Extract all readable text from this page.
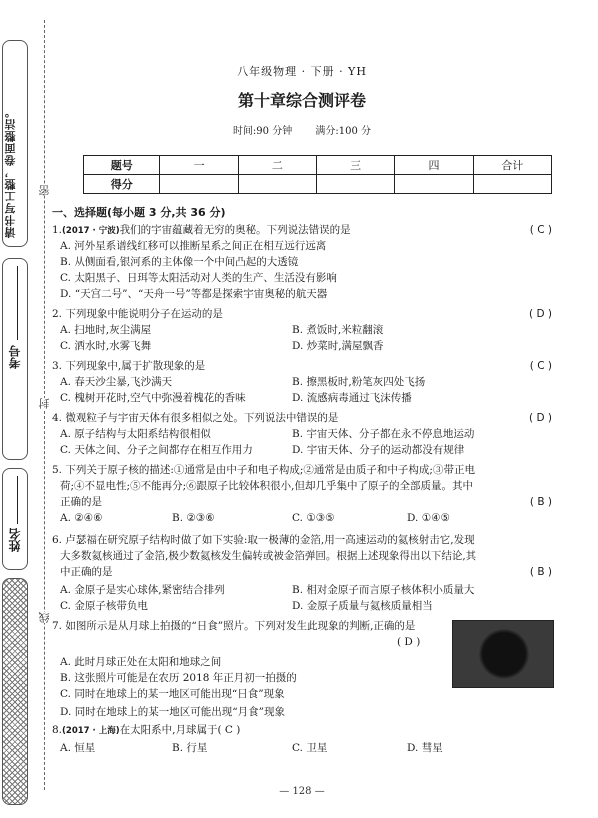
请书写工整，卷面整洁。
考号
姓名
密
封
线
八年级物理 · 下册 · YH
第十章综合测评卷
时间:90 分钟 满分:100 分
题号	一	二	三	四	合计
得分					
一、选择题(每小题 3 分,共 36 分)
1.(2017 · 宁波)我们的宇宙蕴藏着无穷的奥秘。下列说法错误的是	( C )
A. 河外星系谱线红移可以推断星系之间正在相互远行远离
B. 从侧面看,银河系的主体像一个中间凸起的大透镜
C. 太阳黑子、日珥等太阳活动对人类的生产、生活没有影响
D. “天宫二号”、“天舟一号”等都是探索宇宙奥秘的航天器
2. 下列现象中能说明分子在运动的是	( D )
A. 扫地时,灰尘满屋	B. 煮饭时,米粒翻滚
C. 洒水时,水雾飞舞	D. 炒菜时,满屋飘香
3. 下列现象中,属于扩散现象的是	( C )
A. 春天沙尘暴,飞沙满天	B. 擦黑板时,粉笔灰四处飞扬
C. 槐树开花时,空气中弥漫着槐花的香味	D. 流感病毒通过飞沫传播
4. 微观粒子与宇宙天体有很多相似之处。下列说法中错误的是	( D )
A. 原子结构与太阳系结构很相似	B. 宇宙天体、分子都在永不停息地运动
C. 天体之间、分子之间都存在相互作用力	D. 宇宙天体、分子的运动都没有规律
5. 下列关于原子核的描述:①通常是由中子和电子构成;②通常是由质子和中子构成;③带正电
荷;④不显电性;⑤不能再分;⑥跟原子比较体积很小,但却几乎集中了原子的全部质量。其中
正确的是	( B )
A. ②④⑥	B. ②③⑥	C. ①③⑤	D. ①④⑤
6. 卢瑟福在研究原子结构时做了如下实验:取一极薄的金箔,用一高速运动的氦核射击它,发现
大多数氦核通过了金箔,极少数氦核发生偏转或被金箔弹回。根据上述现象得出以下结论,其
中正确的是	( B )
A. 金原子是实心球体,紧密结合排列	B. 相对金原子而言原子核体积小质量大
C. 金原子核带负电	D. 金原子质量与氦核质量相当
7. 如图所示是从月球上拍摄的“日食”照片。下列对发生此现象的判断,正确的是
( D )
A. 此时月球正处在太阳和地球之间
B. 这张照片可能是在农历 2018 年正月初一拍摄的
C. 同时在地球上的某一地区可能出现“日食”现象
D. 同时在地球上的某一地区可能出现“月食”现象
8.(2017 · 上海)在太阳系中,月球属于( C )
A. 恒星	B. 行星	C. 卫星	D. 彗星
— 128 —
